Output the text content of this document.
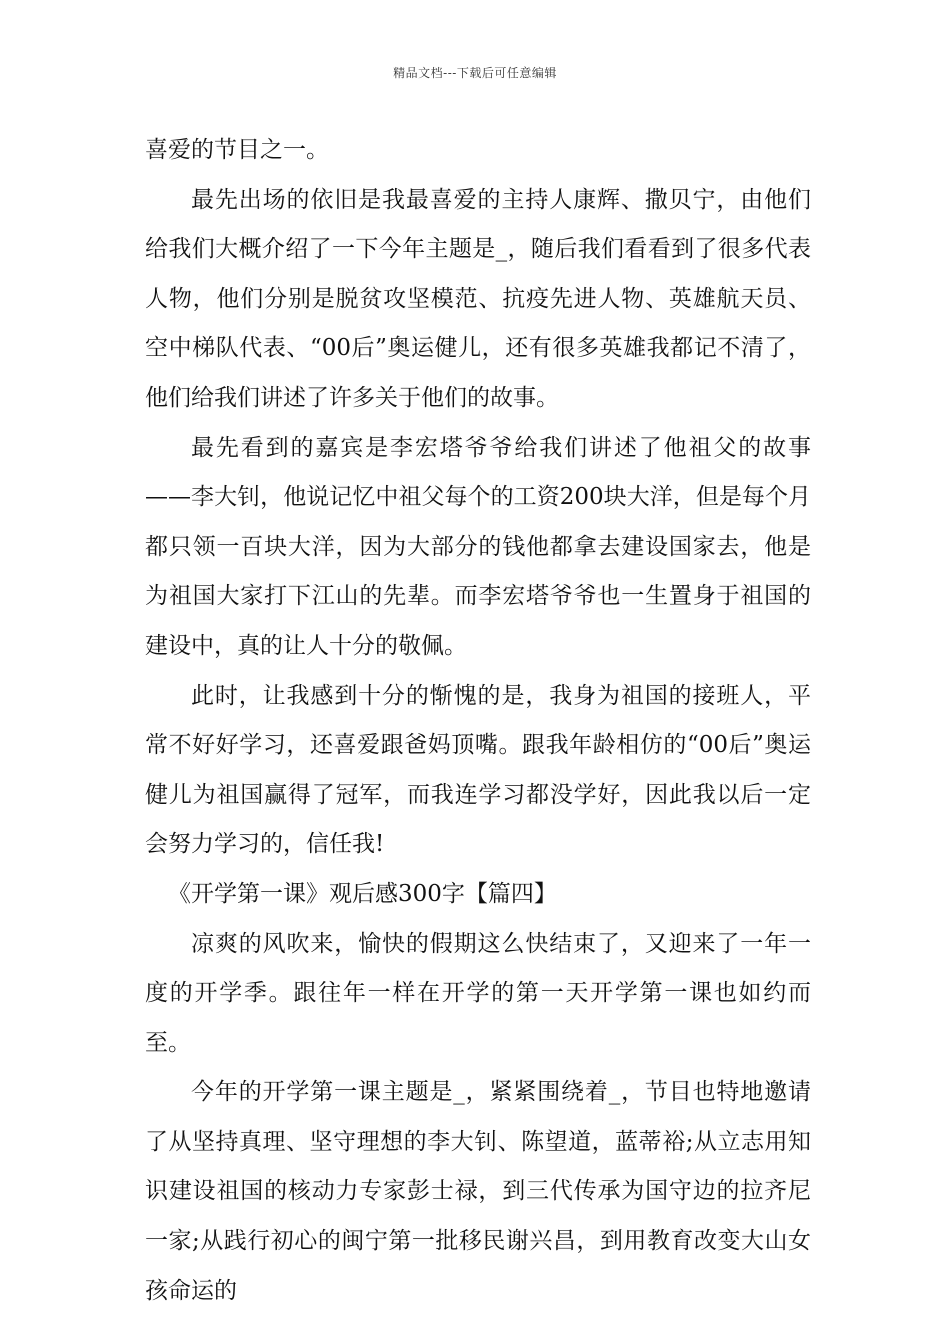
精品文档---下载后可任意编辑

喜爱的节目之一。

最先出场的依旧是我最喜爱的主持人康辉、撒贝宁，由他们给我们大概介绍了一下今年主题是_，随后我们看看到了很多代表人物，他们分别是脱贫攻坚模范、抗疫先进人物、英雄航天员、空中梯队代表、“00后”奥运健儿，还有很多英雄我都记不清了，他们给我们讲述了许多关于他们的故事。

最先看到的嘉宾是李宏塔爷爷给我们讲述了他祖父的故事——李大钊，他说记忆中祖父每个的工资200块大洋，但是每个月都只领一百块大洋，因为大部分的钱他都拿去建设国家去，他是为祖国大家打下江山的先辈。而李宏塔爷爷也一生置身于祖国的建设中，真的让人十分的敬佩。

此时，让我感到十分的惭愧的是，我身为祖国的接班人，平常不好好学习，还喜爱跟爸妈顶嘴。跟我年龄相仿的“00后”奥运健儿为祖国赢得了冠军，而我连学习都没学好，因此我以后一定会努力学习的，信任我!

《开学第一课》观后感300字【篇四】

凉爽的风吹来，愉快的假期这么快结束了，又迎来了一年一度的开学季。跟往年一样在开学的第一天开学第一课也如约而至。

今年的开学第一课主题是_，紧紧围绕着_，节目也特地邀请了从坚持真理、坚守理想的李大钊、陈望道，蓝蒂裕;从立志用知识建设祖国的核动力专家彭士禄，到三代传承为国守边的拉齐尼一家;从践行初心的闽宁第一批移民谢兴昌，到用教育改变大山女孩命运的
